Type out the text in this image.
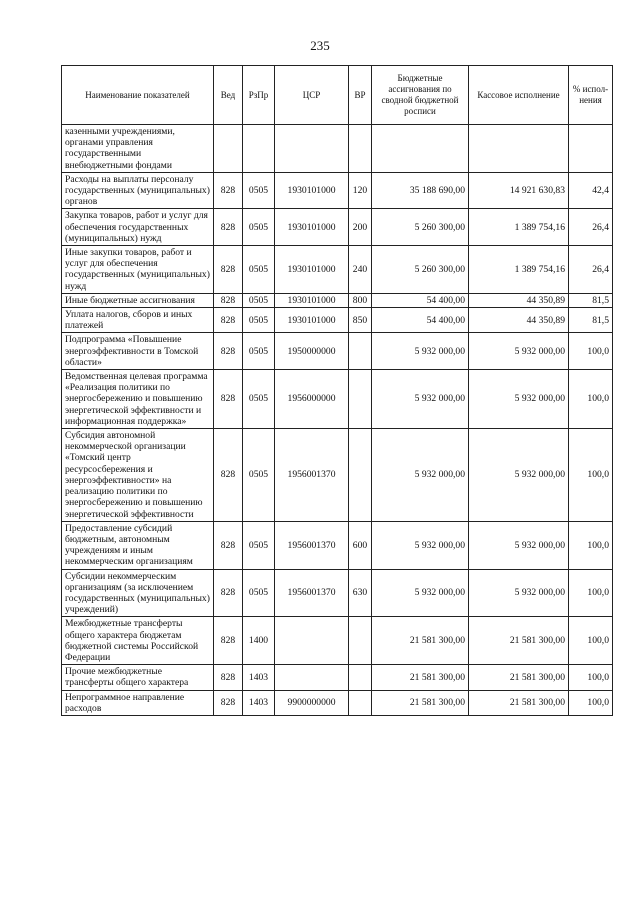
235
Наименование показателей	Вед	РзПр	ЦСР	ВР	Бюджетные ассигнования по сводной бюджетной росписи	Кассовое исполнение	% испол-нения
казенными учреждениями, органами управления государственными внебюджетными фондами							
Расходы на выплаты персоналу государственных (муниципальных) органов	828	0505	1930101000	120	35 188 690,00	14 921 630,83	42,4
Закупка товаров, работ и услуг для обеспечения государственных (муниципальных) нужд	828	0505	1930101000	200	5 260 300,00	1 389 754,16	26,4
Иные закупки товаров, работ и услуг для обеспечения государственных (муниципальных) нужд	828	0505	1930101000	240	5 260 300,00	1 389 754,16	26,4
Иные бюджетные ассигнования	828	0505	1930101000	800	54 400,00	44 350,89	81,5
Уплата налогов, сборов и иных платежей	828	0505	1930101000	850	54 400,00	44 350,89	81,5
Подпрограмма «Повышение энергоэффективности в Томской области»	828	0505	1950000000		5 932 000,00	5 932 000,00	100,0
Ведомственная целевая программа «Реализация политики по энергосбережению и повышению энергетической эффективности и информационная поддержка»	828	0505	1956000000		5 932 000,00	5 932 000,00	100,0
Субсидия автономной некоммерческой организации «Томский центр ресурсосбережения и энергоэффективности» на реализацию политики по энергосбережению и повышению энергетической эффективности	828	0505	1956001370		5 932 000,00	5 932 000,00	100,0
Предоставление субсидий бюджетным, автономным учреждениям и иным некоммерческим организациям	828	0505	1956001370	600	5 932 000,00	5 932 000,00	100,0
Субсидии некоммерческим организациям (за исключением государственных (муниципальных) учреждений)	828	0505	1956001370	630	5 932 000,00	5 932 000,00	100,0
Межбюджетные трансферты общего характера бюджетам бюджетной системы Российской Федерации	828	1400			21 581 300,00	21 581 300,00	100,0
Прочие межбюджетные трансферты общего характера	828	1403			21 581 300,00	21 581 300,00	100,0
Непрограммное направление расходов	828	1403	9900000000		21 581 300,00	21 581 300,00	100,0
